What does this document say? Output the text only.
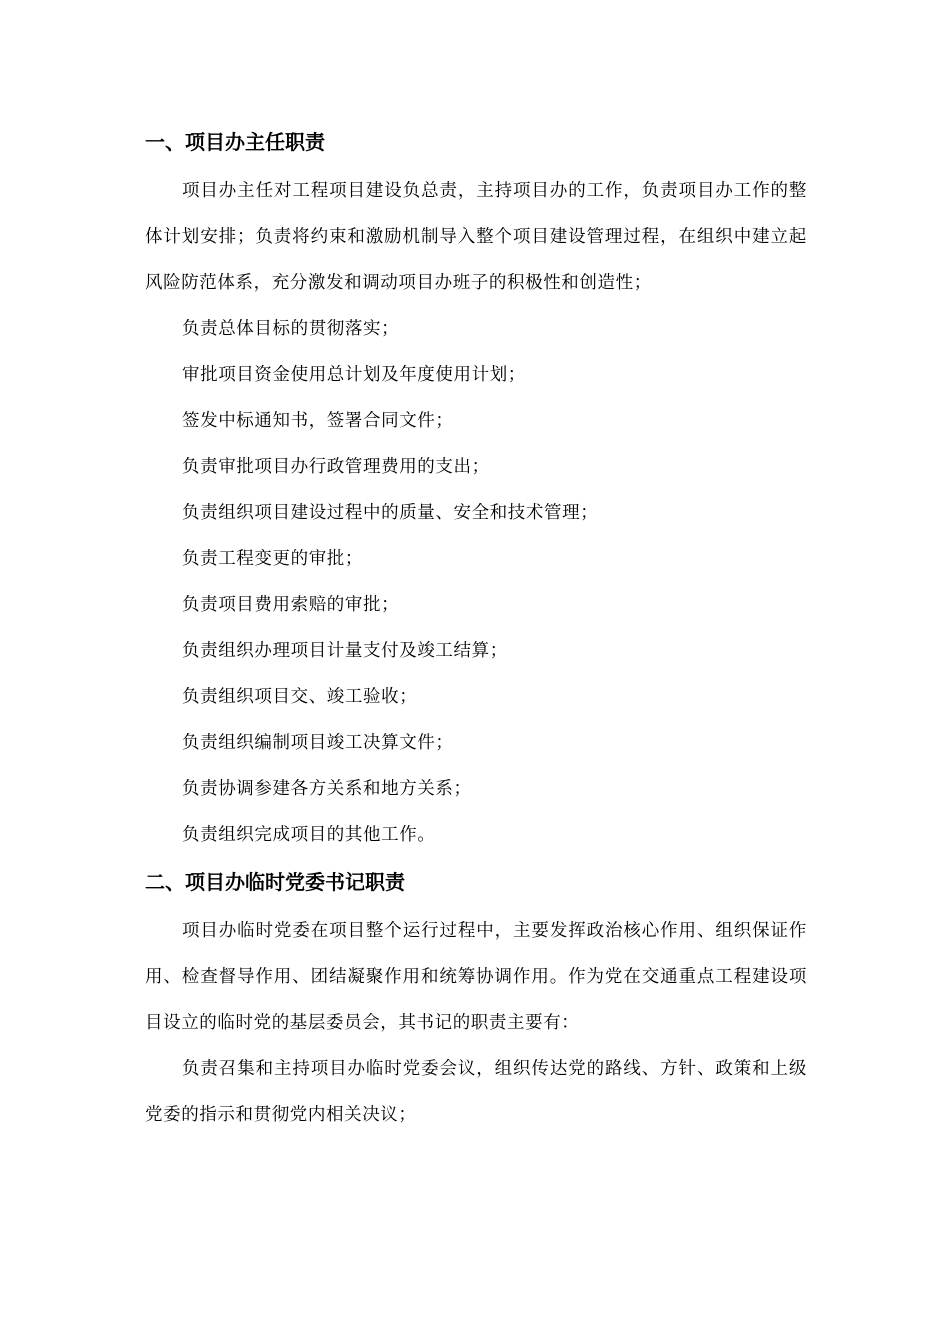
一、项目办主任职责

项目办主任对工程项目建设负总责，主持项目办的工作，负责项目办工作的整体计划安排；负责将约束和激励机制导入整个项目建设管理过程，在组织中建立起风险防范体系，充分激发和调动项目办班子的积极性和创造性；

负责总体目标的贯彻落实；

审批项目资金使用总计划及年度使用计划；

签发中标通知书，签署合同文件；

负责审批项目办行政管理费用的支出；

负责组织项目建设过程中的质量、安全和技术管理；

负责工程变更的审批；

负责项目费用索赔的审批；

负责组织办理项目计量支付及竣工结算；

负责组织项目交、竣工验收；

负责组织编制项目竣工决算文件；

负责协调参建各方关系和地方关系；

负责组织完成项目的其他工作。

二、项目办临时党委书记职责

项目办临时党委在项目整个运行过程中，主要发挥政治核心作用、组织保证作用、检查督导作用、团结凝聚作用和统筹协调作用。作为党在交通重点工程建设项目设立的临时党的基层委员会，其书记的职责主要有：

负责召集和主持项目办临时党委会议，组织传达党的路线、方针、政策和上级党委的指示和贯彻党内相关决议；
